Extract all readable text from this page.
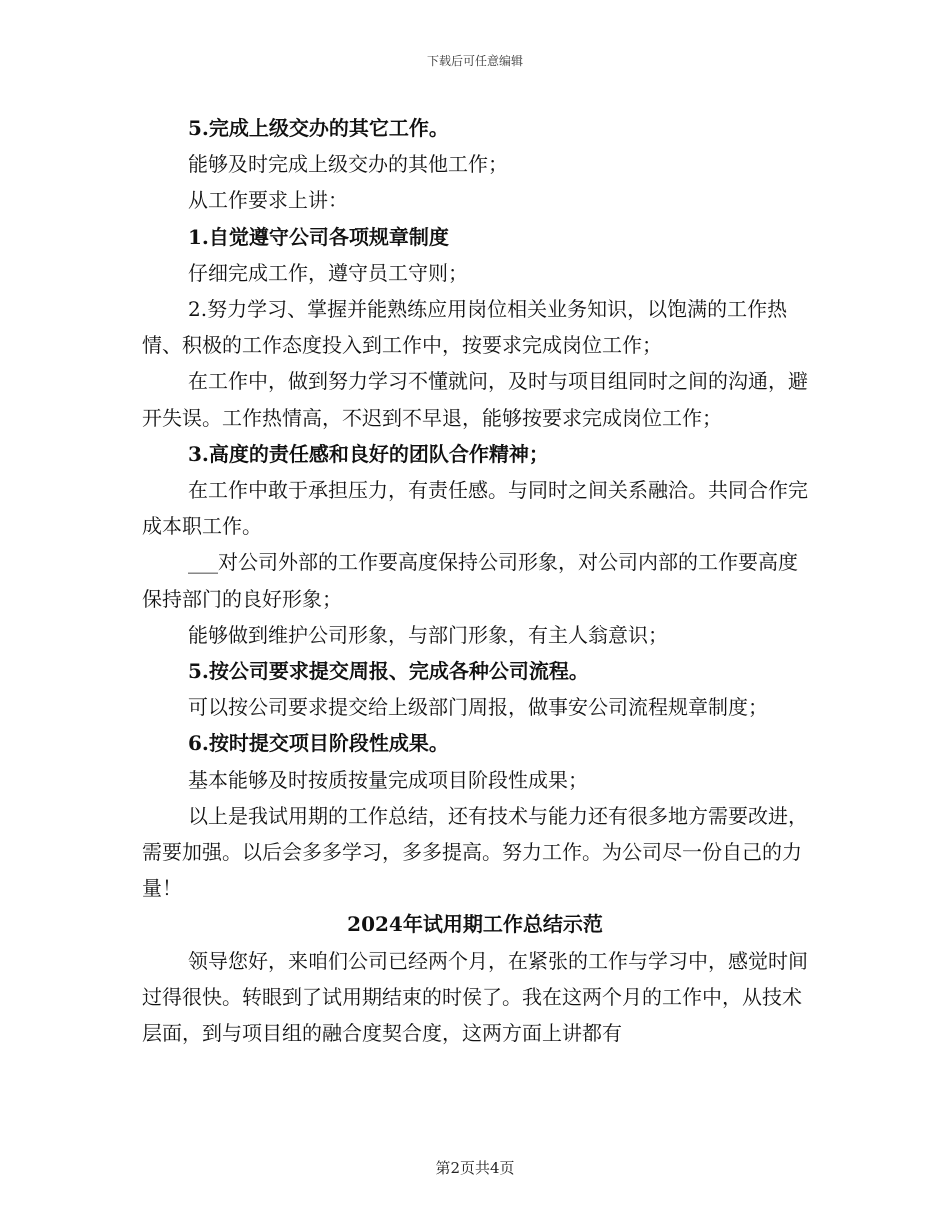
下载后可任意编辑

5.完成上级交办的其它工作。

能够及时完成上级交办的其他工作；

从工作要求上讲：

1.自觉遵守公司各项规章制度

仔细完成工作，遵守员工守则；

2.努力学习、掌握并能熟练应用岗位相关业务知识，以饱满的工作热情、积极的工作态度投入到工作中，按要求完成岗位工作；

在工作中，做到努力学习不懂就问，及时与项目组同时之间的沟通，避开失误。工作热情高，不迟到不早退，能够按要求完成岗位工作；

3.高度的责任感和良好的团队合作精神；

在工作中敢于承担压力，有责任感。与同时之间关系融洽。共同合作完成本职工作。

___对公司外部的工作要高度保持公司形象，对公司内部的工作要高度保持部门的良好形象；

能够做到维护公司形象，与部门形象，有主人翁意识；

5.按公司要求提交周报、完成各种公司流程。

可以按公司要求提交给上级部门周报，做事安公司流程规章制度；

6.按时提交项目阶段性成果。

基本能够及时按质按量完成项目阶段性成果；

以上是我试用期的工作总结，还有技术与能力还有很多地方需要改进，需要加强。以后会多多学习，多多提高。努力工作。为公司尽一份自己的力量！

2024年试用期工作总结示范

领导您好，来咱们公司已经两个月，在紧张的工作与学习中，感觉时间过得很快。转眼到了试用期结束的时侯了。我在这两个月的工作中，从技术层面，到与项目组的融合度契合度，这两方面上讲都有

第2页共4页
